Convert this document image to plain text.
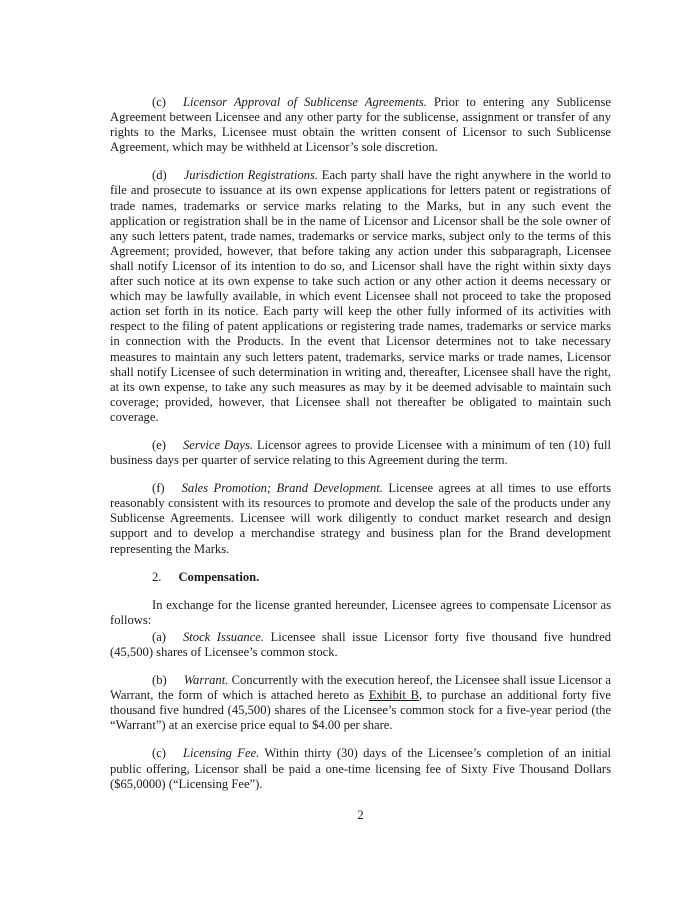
(c) Licensor Approval of Sublicense Agreements. Prior to entering any Sublicense Agreement between Licensee and any other party for the sublicense, assignment or transfer of any rights to the Marks, Licensee must obtain the written consent of Licensor to such Sublicense Agreement, which may be withheld at Licensor’s sole discretion.

(d) Jurisdiction Registrations. Each party shall have the right anywhere in the world to file and prosecute to issuance at its own expense applications for letters patent or registrations of trade names, trademarks or service marks relating to the Marks, but in any such event the application or registration shall be in the name of Licensor and Licensor shall be the sole owner of any such letters patent, trade names, trademarks or service marks, subject only to the terms of this Agreement; provided, however, that before taking any action under this subparagraph, Licensee shall notify Licensor of its intention to do so, and Licensor shall have the right within sixty days after such notice at its own expense to take such action or any other action it deems necessary or which may be lawfully available, in which event Licensee shall not proceed to take the proposed action set forth in its notice. Each party will keep the other fully informed of its activities with respect to the filing of patent applications or registering trade names, trademarks or service marks in connection with the Products. In the event that Licensor determines not to take necessary measures to maintain any such letters patent, trademarks, service marks or trade names, Licensor shall notify Licensee of such determination in writing and, thereafter, Licensee shall have the right, at its own expense, to take any such measures as may by it be deemed advisable to maintain such coverage; provided, however, that Licensee shall not thereafter be obligated to maintain such coverage.

(e) Service Days. Licensor agrees to provide Licensee with a minimum of ten (10) full business days per quarter of service relating to this Agreement during the term.

(f) Sales Promotion; Brand Development. Licensee agrees at all times to use efforts reasonably consistent with its resources to promote and develop the sale of the products under any Sublicense Agreements. Licensee will work diligently to conduct market research and design support and to develop a merchandise strategy and business plan for the Brand development representing the Marks.

2. Compensation.

In exchange for the license granted hereunder, Licensee agrees to compensate Licensor as follows:

(a) Stock Issuance. Licensee shall issue Licensor forty five thousand five hundred (45,500) shares of Licensee’s common stock.

(b) Warrant. Concurrently with the execution hereof, the Licensee shall issue Licensor a Warrant, the form of which is attached hereto as Exhibit B, to purchase an additional forty five thousand five hundred (45,500) shares of the Licensee’s common stock for a five-year period (the “Warrant”) at an exercise price equal to $4.00 per share.

(c) Licensing Fee. Within thirty (30) days of the Licensee’s completion of an initial public offering, Licensor shall be paid a one-time licensing fee of Sixty Five Thousand Dollars ($65,0000) (“Licensing Fee”).

2
